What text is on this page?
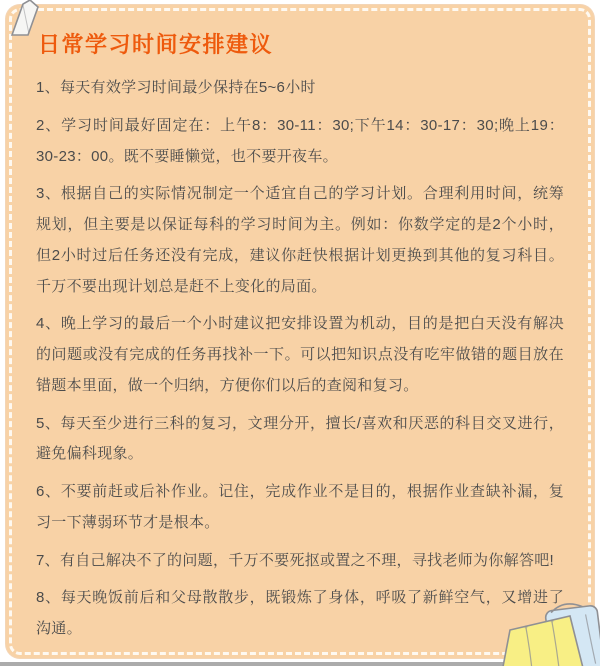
日常学习时间安排建议

1、每天有效学习时间最少保持在5~6小时

2、学习时间最好固定在：上午8：30-11：30;下午14：30-17：30;晚上19：30-23：00。既不要睡懒觉，也不要开夜车。

3、根据自己的实际情况制定一个适宜自己的学习计划。合理利用时间，统筹规划，但主要是以保证每科的学习时间为主。例如：你数学定的是2个小时，但2小时过后任务还没有完成，建议你赶快根据计划更换到其他的复习科目。千万不要出现计划总是赶不上变化的局面。

4、晚上学习的最后一个小时建议把安排设置为机动，目的是把白天没有解决的问题或没有完成的任务再找补一下。可以把知识点没有吃牢做错的题目放在错题本里面，做一个归纳，方便你们以后的查阅和复习。

5、每天至少进行三科的复习，文理分开，擅长/喜欢和厌恶的科目交叉进行，避免偏科现象。

6、不要前赶或后补作业。记住，完成作业不是目的，根据作业查缺补漏，复习一下薄弱环节才是根本。

7、有自己解决不了的问题，千万不要死抠或置之不理，寻找老师为你解答吧!

8、每天晚饭前后和父母散散步，既锻炼了身体，呼吸了新鲜空气，又增进了沟通。
